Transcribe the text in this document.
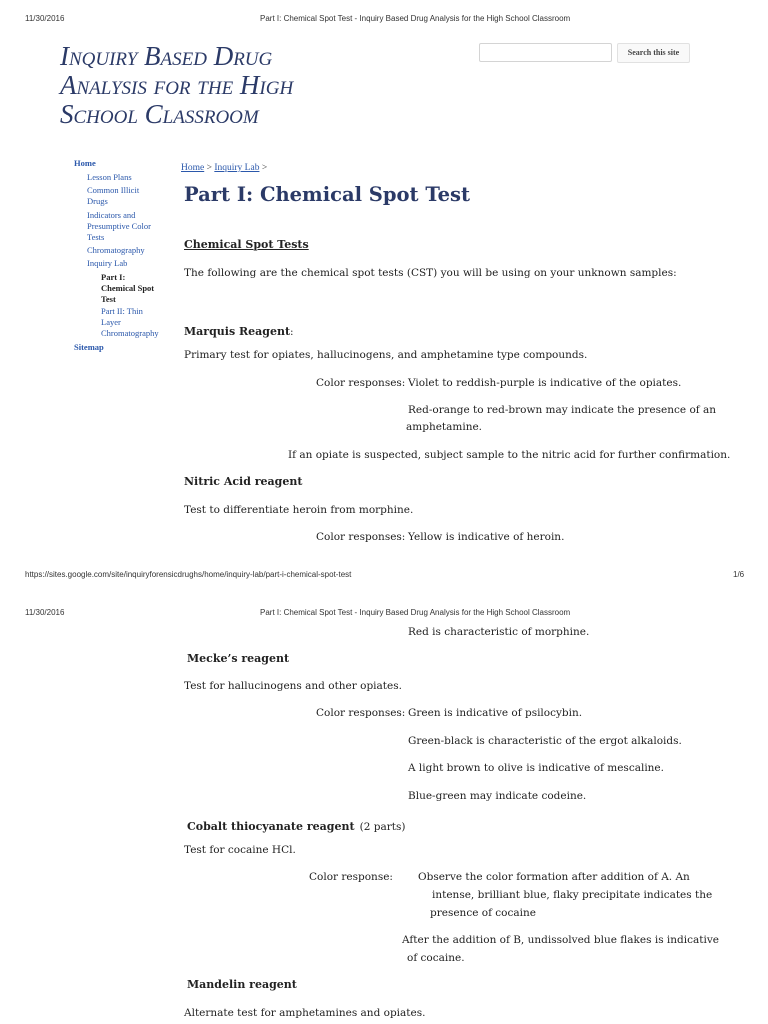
11/30/2016	Part I: Chemical Spot Test - Inquiry Based Drug Analysis for the High School Classroom
https://sites.google.com/site/inquiryforensicdrughs/home/inquiry-lab/part-i-chemical-spot-test	1/6
11/30/2016	Part I: Chemical Spot Test - Inquiry Based Drug Analysis for the High School Classroom
Inquiry Based Drug
Analysis for the High
School Classroom
Search this site
Home
Lesson Plans
Common Illicit
Drugs
Indicators and
Presumptive Color
Tests
Chromatography
Inquiry Lab
Part I:
Chemical Spot
Test
Part II: Thin
Layer
Chromatography
Sitemap
Home > Inquiry Lab >
Part I: Chemical Spot Test
Chemical Spot Tests
The following are the chemical spot tests (CST) you will be using on your unknown samples:
Marquis Reagent:
Primary test for opiates, hallucinogens, and amphetamine type compounds.
Color responses: Violet to reddish-purple is indicative of the opiates.
Red-orange to red-brown may indicate the presence of an
amphetamine.
If an opiate is suspected, subject sample to the nitric acid for further confirmation.
Nitric Acid reagent
Test to differentiate heroin from morphine.
Color responses: Yellow is indicative of heroin.
Red is characteristic of morphine.
Mecke’s reagent
Test for hallucinogens and other opiates.
Color responses: Green is indicative of psilocybin.
Green-black is characteristic of the ergot alkaloids.
A light brown to olive is indicative of mescaline.
Blue-green may indicate codeine.
Cobalt thiocyanate reagent (2 parts)
Test for cocaine HCl.
Color response: Observe the color formation after addition of A. An
intense, brilliant blue, flaky precipitate indicates the
presence of cocaine
After the addition of B, undissolved blue flakes is indicative
of cocaine.
Mandelin reagent
Alternate test for amphetamines and opiates.
